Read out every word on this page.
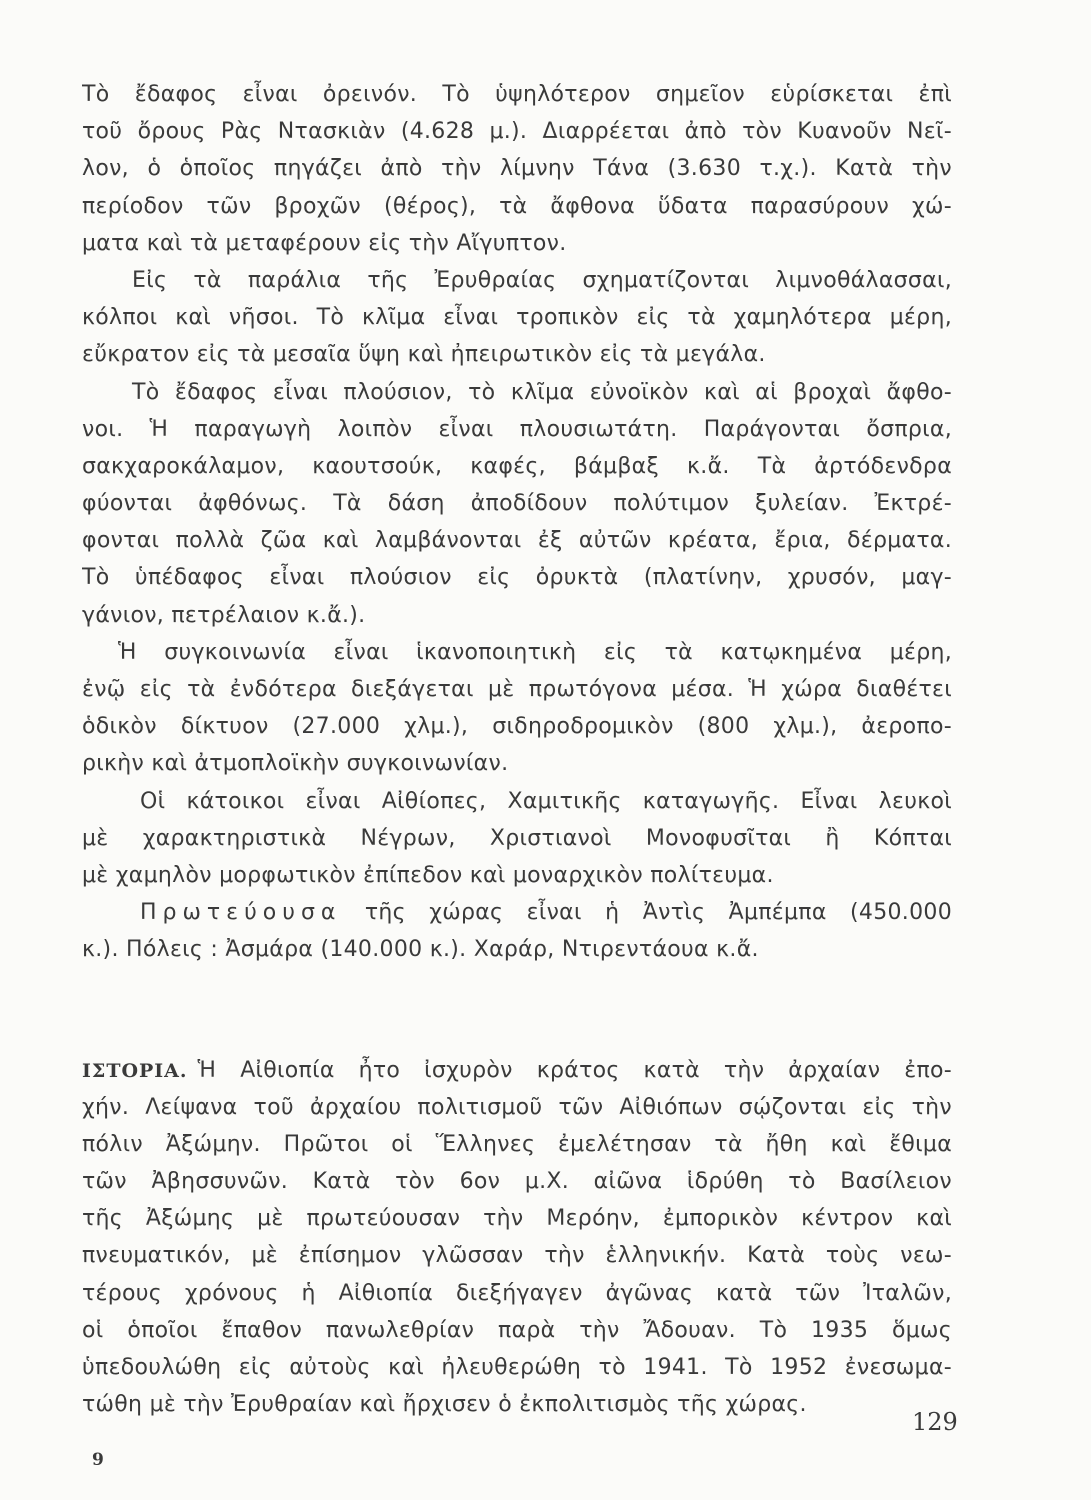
Τὸ ἔδαφος εἶναι ὀρεινόν. Τὸ ὑψηλότερον σημεῖον εὑρίσκεται ἐπὶ
τοῦ ὄρους Ρὰς Ντασκιὰν (4.628 μ.). Διαρρέεται ἀπὸ τὸν Κυανοῦν Νεῖ-
λον, ὁ ὁποῖος πηγάζει ἀπὸ τὴν λίμνην Τάνα (3.630 τ.χ.). Κατὰ τὴν
περίοδον τῶν βροχῶν (θέρος), τὰ ἄφθονα ὕδατα παρασύρουν χώ-
ματα καὶ τὰ μεταφέρουν εἰς τὴν Αἴγυπτον.
Εἰς τὰ παράλια τῆς Ἐρυθραίας σχηματίζονται λιμνοθάλασσαι,
κόλποι καὶ νῆσοι. Τὸ κλῖμα εἶναι τροπικὸν εἰς τὰ χαμηλότερα μέρη,
εὔκρατον εἰς τὰ μεσαῖα ὕψη καὶ ἠπειρωτικὸν εἰς τὰ μεγάλα.
Τὸ ἔδαφος εἶναι πλούσιον, τὸ κλῖμα εὐνοϊκὸν καὶ αἱ βροχαὶ ἄφθο-
νοι. Ἡ παραγωγὴ λοιπὸν εἶναι πλουσιωτάτη. Παράγονται ὄσπρια,
σακχαροκάλαμον, καουτσούκ, καφές, βάμβαξ κ.ἄ. Τὰ ἀρτόδενδρα
φύονται ἀφθόνως. Τὰ δάση ἀποδίδουν πολύτιμον ξυλείαν. Ἐκτρέ-
φονται πολλὰ ζῶα καὶ λαμβάνονται ἐξ αὐτῶν κρέατα, ἔρια, δέρματα.
Τὸ ὑπέδαφος εἶναι πλούσιον εἰς ὀρυκτὰ (πλατίνην, χρυσόν, μαγ-
γάνιον, πετρέλαιον κ.ἄ.).
Ἡ συγκοινωνία εἶναι ἱκανοποιητικὴ εἰς τὰ κατῳκημένα μέρη,
ἐνῷ εἰς τὰ ἐνδότερα διεξάγεται μὲ πρωτόγονα μέσα. Ἡ χώρα διαθέτει
ὁδικὸν δίκτυον (27.000 χλμ.), σιδηροδρομικὸν (800 χλμ.), ἀεροπο-
ρικὴν καὶ ἀτμοπλοϊκὴν συγκοινωνίαν.
Οἱ κάτοικοι εἶναι Αἰθίοπες, Χαμιτικῆς καταγωγῆς. Εἶναι λευκοὶ
μὲ χαρακτηριστικὰ Νέγρων, Χριστιανοὶ Μονοφυσῖται ἢ Κόπται
μὲ χαμηλὸν μορφωτικὸν ἐπίπεδον καὶ μοναρχικὸν πολίτευμα.
Πρωτεύουσα τῆς χώρας εἶναι ἡ Ἀντὶς Ἀμπέμπα (450.000
κ.). Πόλεις : Ἀσμάρα (140.000 κ.). Χαράρ, Ντιρεντάουα κ.ἄ.
ΙΣΤΟΡΙΑ. Ἡ Αἰθιοπία ἦτο ἰσχυρὸν κράτος κατὰ τὴν ἀρχαίαν ἐπο-
χήν. Λείψανα τοῦ ἀρχαίου πολιτισμοῦ τῶν Αἰθιόπων σῴζονται εἰς τὴν
πόλιν Ἀξώμην. Πρῶτοι οἱ Ἕλληνες ἐμελέτησαν τὰ ἤθη καὶ ἔθιμα
τῶν Ἀβησσυνῶν. Κατὰ τὸν 6ον μ.Χ. αἰῶνα ἱδρύθη τὸ Βασίλειον
τῆς Ἀξώμης μὲ πρωτεύουσαν τὴν Μερόην, ἐμπορικὸν κέντρον καὶ
πνευματικόν, μὲ ἐπίσημον γλῶσσαν τὴν ἑλληνικήν. Κατὰ τοὺς νεω-
τέρους χρόνους ἡ Αἰθιοπία διεξήγαγεν ἀγῶνας κατὰ τῶν Ἰταλῶν,
οἱ ὁποῖοι ἔπαθον πανωλεθρίαν παρὰ τὴν Ἄδουαν. Τὸ 1935 ὅμως
ὑπεδουλώθη εἰς αὐτοὺς καὶ ἠλευθερώθη τὸ 1941. Τὸ 1952 ἐνεσωμα-
τώθη μὲ τὴν Ἐρυθραίαν καὶ ἤρχισεν ὁ ἐκπολιτισμὸς τῆς χώρας.
129
9
